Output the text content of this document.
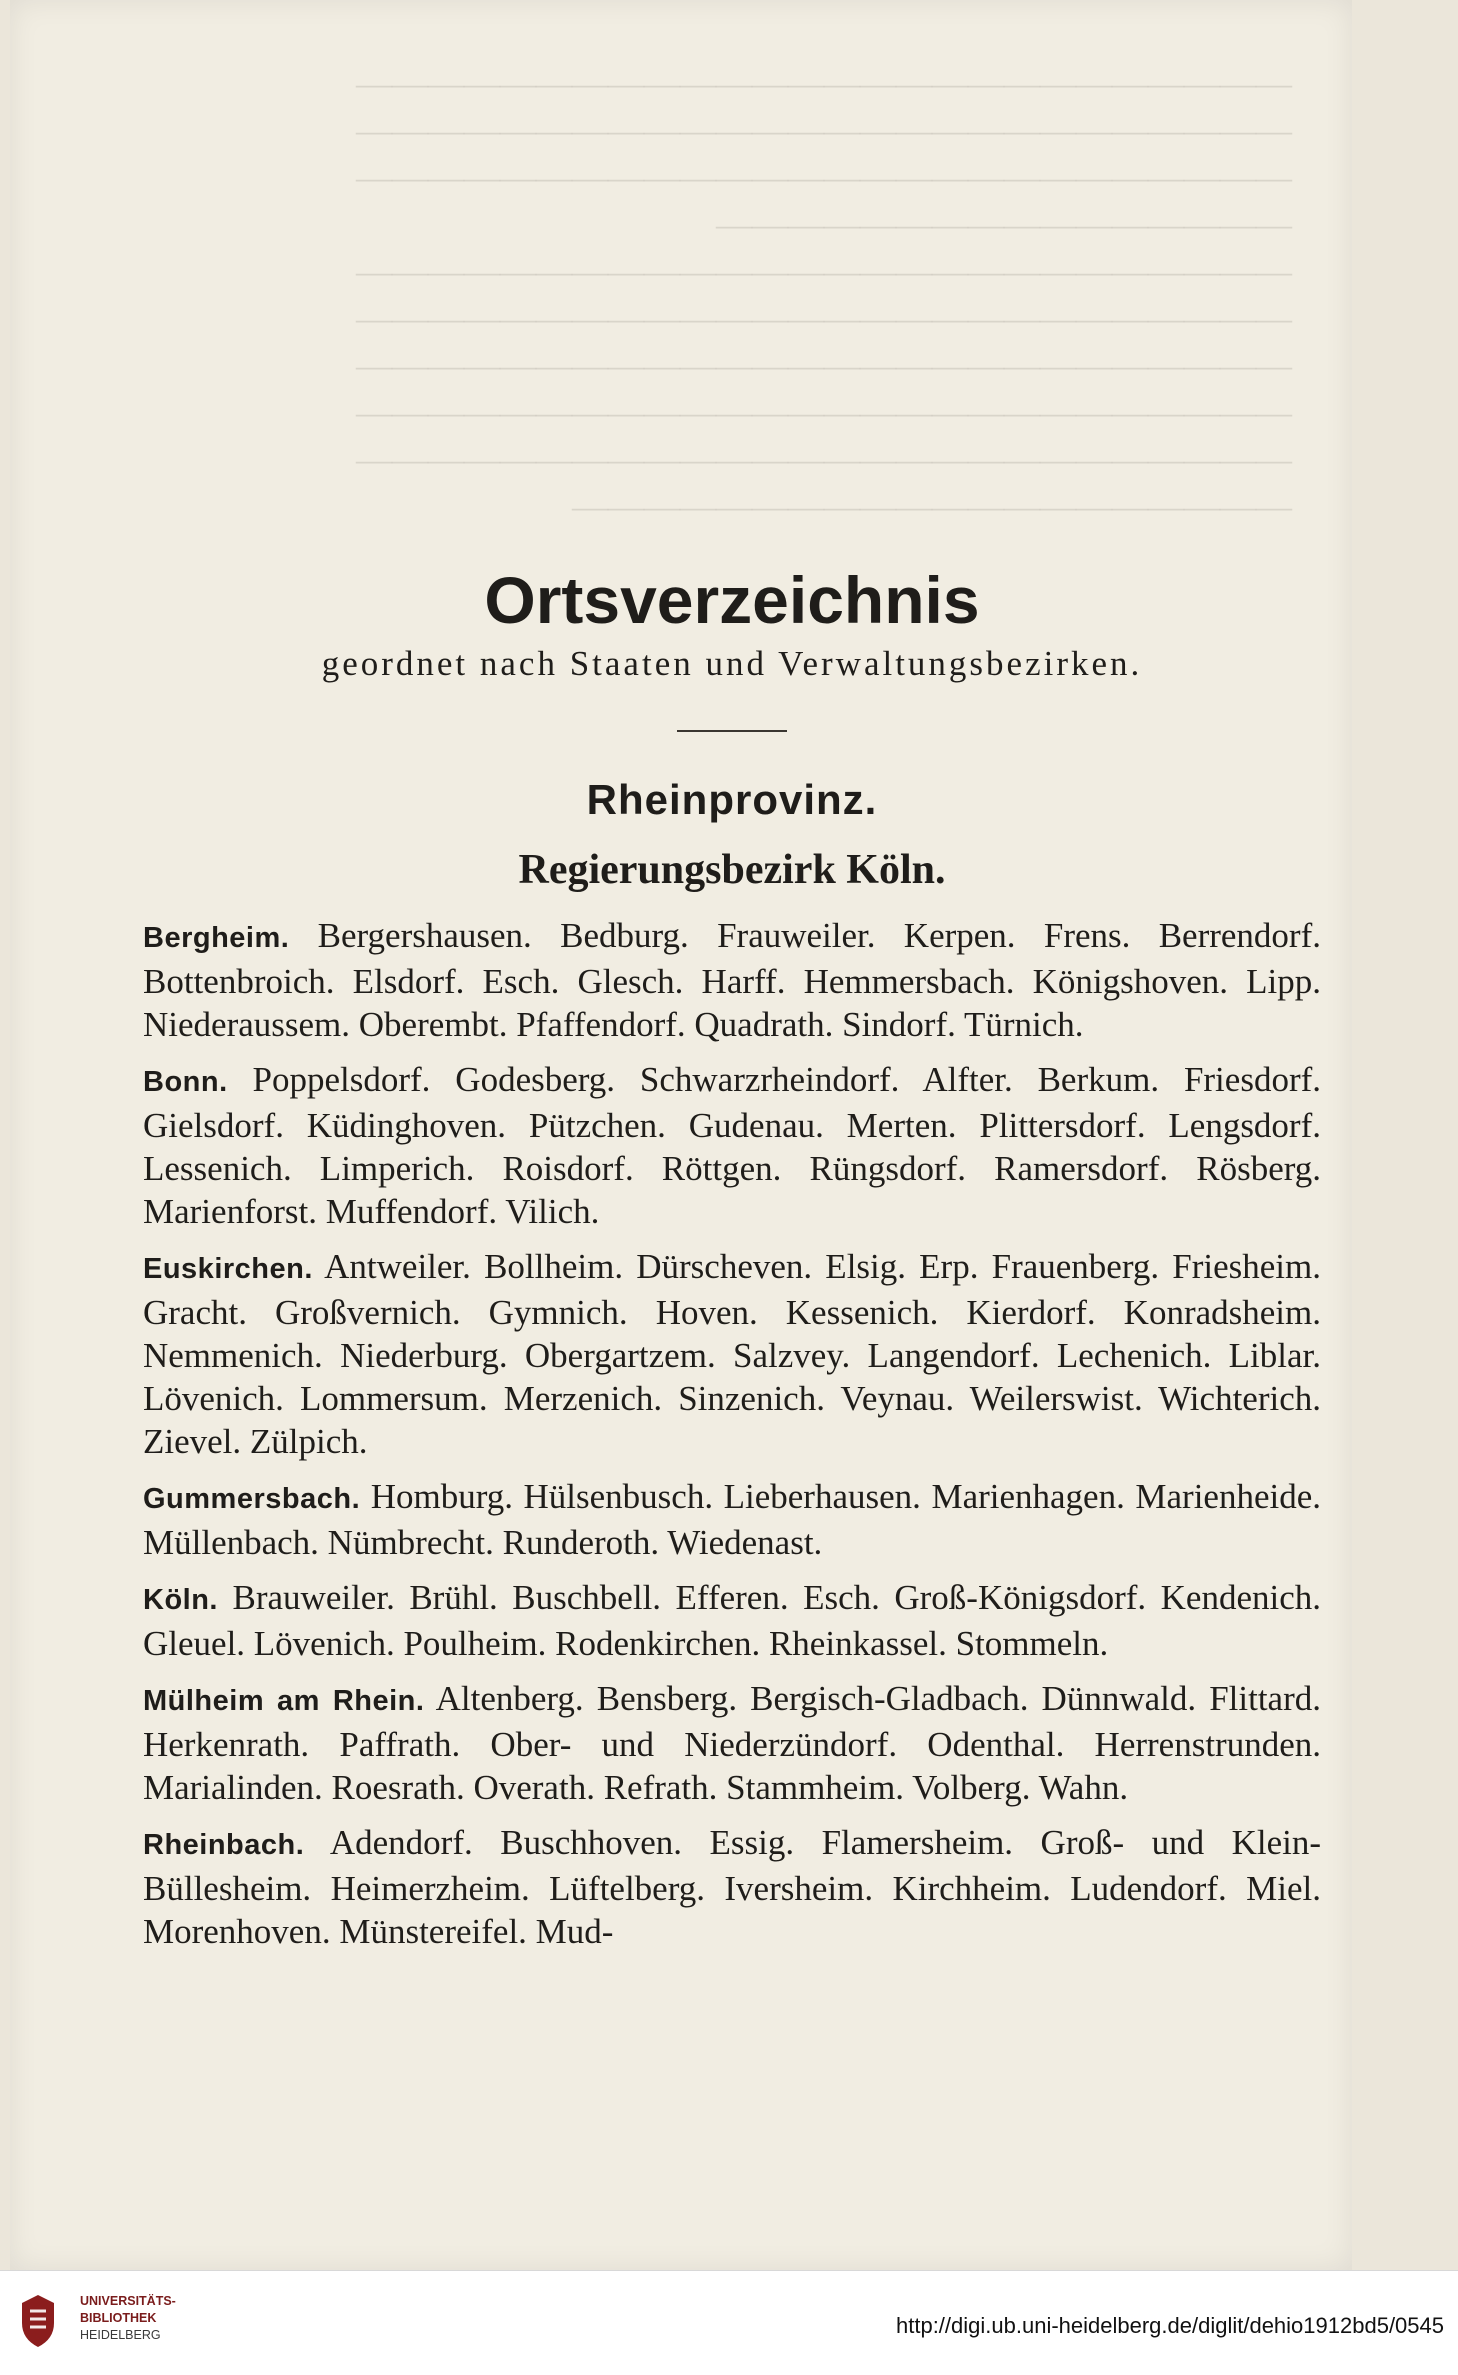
——————————————————————————
——————————————————————————
——————————————————————————
————————————————
——————————————————————————
——————————————————————————
——————————————————————————
——————————————————————————
——————————————————————————
————————————————————
Ortsverzeichnis

geordnet nach Staaten und Verwaltungsbezirken.

Rheinprovinz.
Regierungsbezirk Köln.

Bergheim. Bergershausen. Bedburg. Frauweiler. Kerpen. Frens. Berrendorf. Bottenbroich. Elsdorf. Esch. Glesch. Harff. Hemmersbach. Königshoven. Lipp. Niederaussem. Oberembt. Pfaffendorf. Quadrath. Sindorf. Türnich.

Bonn. Poppelsdorf. Godesberg. Schwarzrheindorf. Alfter. Berkum. Friesdorf. Gielsdorf. Küdinghoven. Pützchen. Gudenau. Merten. Plittersdorf. Lengsdorf. Lessenich. Limperich. Roisdorf. Röttgen. Rüngsdorf. Ramersdorf. Rösberg. Marienforst. Muffendorf. Vilich.

Euskirchen. Antweiler. Bollheim. Dürscheven. Elsig. Erp. Frauenberg. Friesheim. Gracht. Großvernich. Gymnich. Hoven. Kessenich. Kierdorf. Konradsheim. Nemmenich. Niederburg. Obergartzem. Salzvey. Langendorf. Lechenich. Liblar. Lövenich. Lommersum. Merzenich. Sinzenich. Veynau. Weilerswist. Wichterich. Zievel. Zülpich.

Gummersbach. Homburg. Hülsenbusch. Lieberhausen. Marienhagen. Marienheide. Müllenbach. Nümbrecht. Runderoth. Wiedenast.

Köln. Brauweiler. Brühl. Buschbell. Efferen. Esch. Groß-Königsdorf. Kendenich. Gleuel. Lövenich. Poulheim. Rodenkirchen. Rheinkassel. Stommeln.

Mülheim am Rhein. Altenberg. Bensberg. Bergisch-Gladbach. Dünnwald. Flittard. Herkenrath. Paffrath. Ober- und Niederzündorf. Odenthal. Herrenstrunden. Marialinden. Roesrath. Overath. Refrath. Stammheim. Volberg. Wahn.

Rheinbach. Adendorf. Buschhoven. Essig. Flamersheim. Groß- und Klein-Büllesheim. Heimerzheim. Lüftelberg. Iversheim. Kirchheim. Ludendorf. Miel. Morenhoven. Münstereifel. Mud-

UNIVERSITÄTS-
BIBLIOTHEK
HEIDELBERG	http://digi.ub.uni-heidelberg.de/diglit/dehio1912bd5/0545
